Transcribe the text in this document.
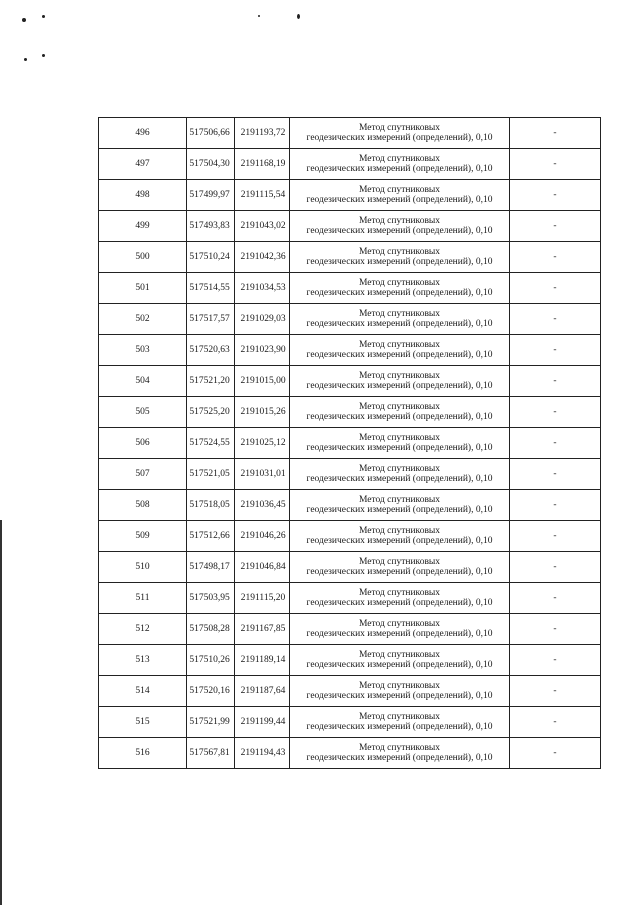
496	517506,66	2191193,72	Метод спутниковых
геодезических измерений (определений), 0,10	-
497	517504,30	2191168,19	Метод спутниковых
геодезических измерений (определений), 0,10	-
498	517499,97	2191115,54	Метод спутниковых
геодезических измерений (определений), 0,10	-
499	517493,83	2191043,02	Метод спутниковых
геодезических измерений (определений), 0,10	-
500	517510,24	2191042,36	Метод спутниковых
геодезических измерений (определений), 0,10	-
501	517514,55	2191034,53	Метод спутниковых
геодезических измерений (определений), 0,10	-
502	517517,57	2191029,03	Метод спутниковых
геодезических измерений (определений), 0,10	-
503	517520,63	2191023,90	Метод спутниковых
геодезических измерений (определений), 0,10	-
504	517521,20	2191015,00	Метод спутниковых
геодезических измерений (определений), 0,10	-
505	517525,20	2191015,26	Метод спутниковых
геодезических измерений (определений), 0,10	-
506	517524,55	2191025,12	Метод спутниковых
геодезических измерений (определений), 0,10	-
507	517521,05	2191031,01	Метод спутниковых
геодезических измерений (определений), 0,10	-
508	517518,05	2191036,45	Метод спутниковых
геодезических измерений (определений), 0,10	-
509	517512,66	2191046,26	Метод спутниковых
геодезических измерений (определений), 0,10	-
510	517498,17	2191046,84	Метод спутниковых
геодезических измерений (определений), 0,10	-
511	517503,95	2191115,20	Метод спутниковых
геодезических измерений (определений), 0,10	-
512	517508,28	2191167,85	Метод спутниковых
геодезических измерений (определений), 0,10	-
513	517510,26	2191189,14	Метод спутниковых
геодезических измерений (определений), 0,10	-
514	517520,16	2191187,64	Метод спутниковых
геодезических измерений (определений), 0,10	-
515	517521,99	2191199,44	Метод спутниковых
геодезических измерений (определений), 0,10	-
516	517567,81	2191194,43	Метод спутниковых
геодезических измерений (определений), 0,10	-
